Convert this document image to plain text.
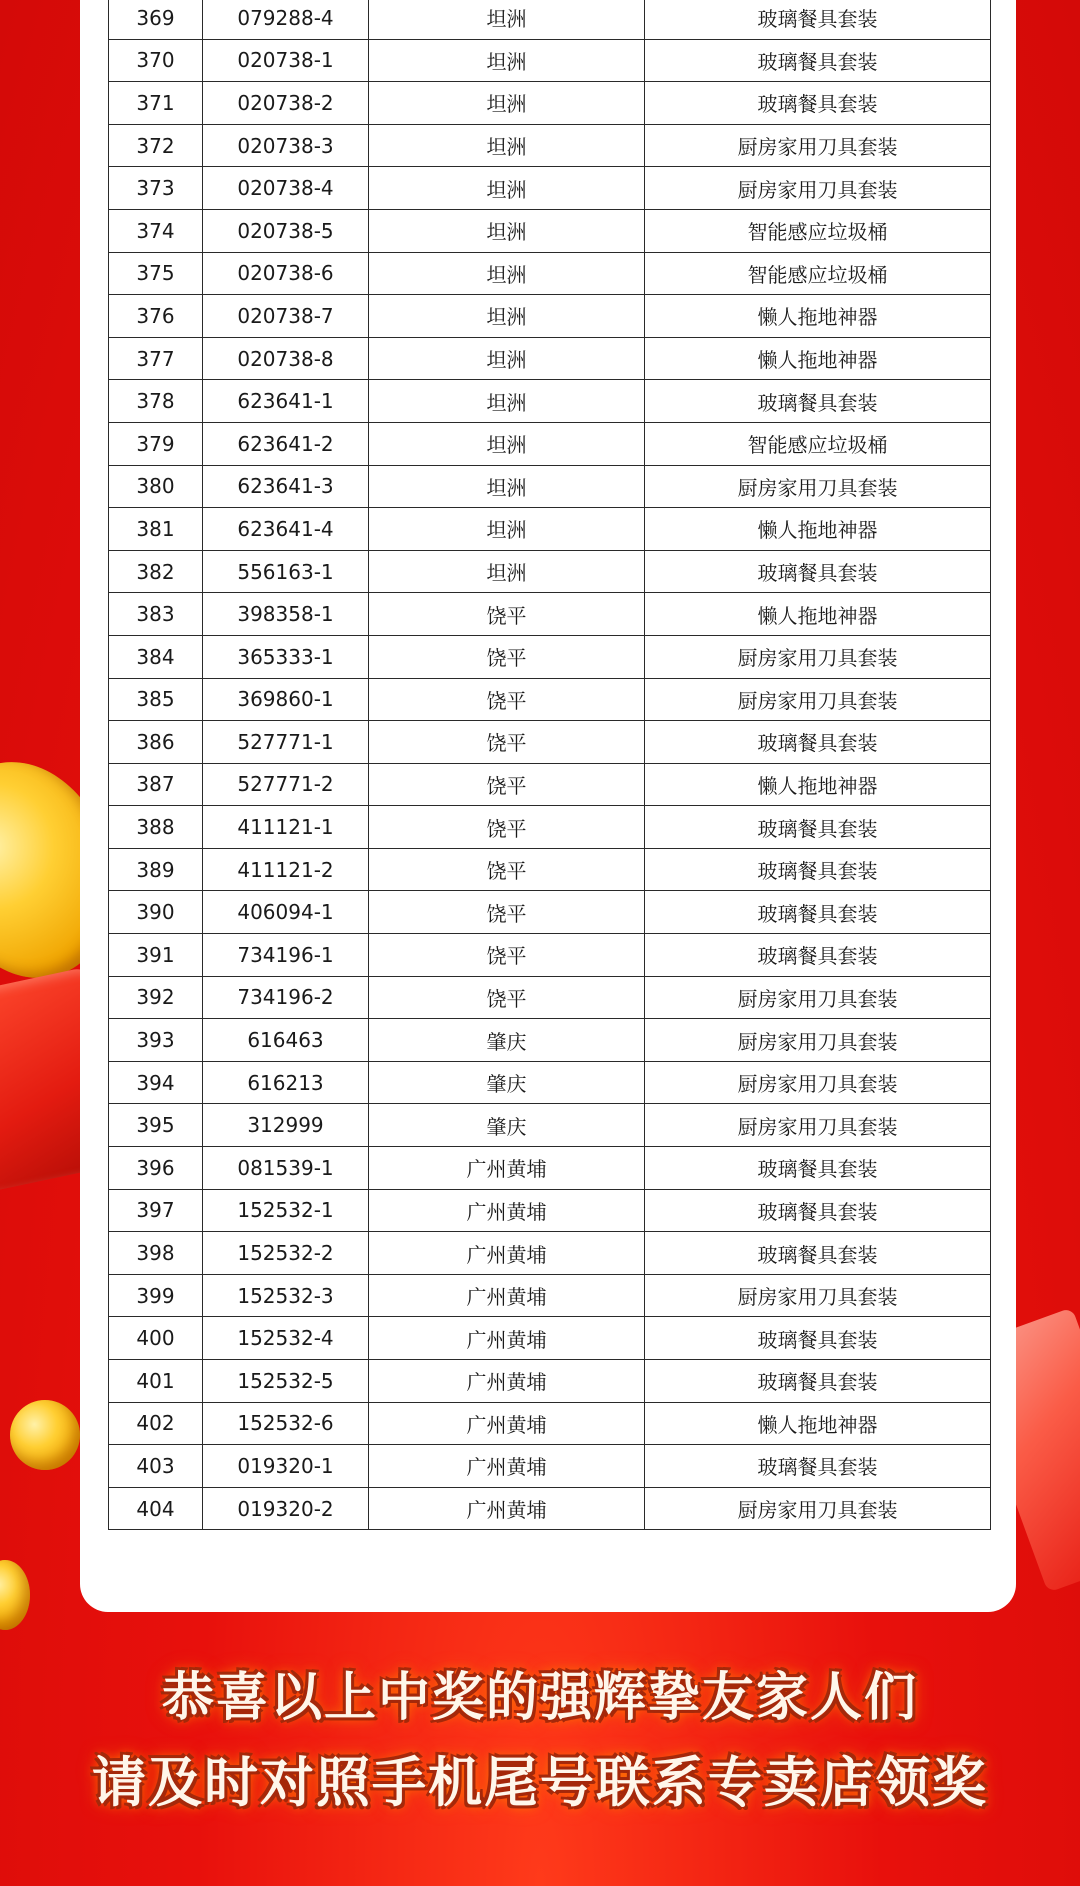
369	079288-4	坦洲	玻璃餐具套装
370	020738-1	坦洲	玻璃餐具套装
371	020738-2	坦洲	玻璃餐具套装
372	020738-3	坦洲	厨房家用刀具套装
373	020738-4	坦洲	厨房家用刀具套装
374	020738-5	坦洲	智能感应垃圾桶
375	020738-6	坦洲	智能感应垃圾桶
376	020738-7	坦洲	懒人拖地神器
377	020738-8	坦洲	懒人拖地神器
378	623641-1	坦洲	玻璃餐具套装
379	623641-2	坦洲	智能感应垃圾桶
380	623641-3	坦洲	厨房家用刀具套装
381	623641-4	坦洲	懒人拖地神器
382	556163-1	坦洲	玻璃餐具套装
383	398358-1	饶平	懒人拖地神器
384	365333-1	饶平	厨房家用刀具套装
385	369860-1	饶平	厨房家用刀具套装
386	527771-1	饶平	玻璃餐具套装
387	527771-2	饶平	懒人拖地神器
388	411121-1	饶平	玻璃餐具套装
389	411121-2	饶平	玻璃餐具套装
390	406094-1	饶平	玻璃餐具套装
391	734196-1	饶平	玻璃餐具套装
392	734196-2	饶平	厨房家用刀具套装
393	616463	肇庆	厨房家用刀具套装
394	616213	肇庆	厨房家用刀具套装
395	312999	肇庆	厨房家用刀具套装
396	081539-1	广州黄埔	玻璃餐具套装
397	152532-1	广州黄埔	玻璃餐具套装
398	152532-2	广州黄埔	玻璃餐具套装
399	152532-3	广州黄埔	厨房家用刀具套装
400	152532-4	广州黄埔	玻璃餐具套装
401	152532-5	广州黄埔	玻璃餐具套装
402	152532-6	广州黄埔	懒人拖地神器
403	019320-1	广州黄埔	玻璃餐具套装
404	019320-2	广州黄埔	厨房家用刀具套装
恭喜以上中奖的强辉挚友家人们
请及时对照手机尾号联系专卖店领奖
